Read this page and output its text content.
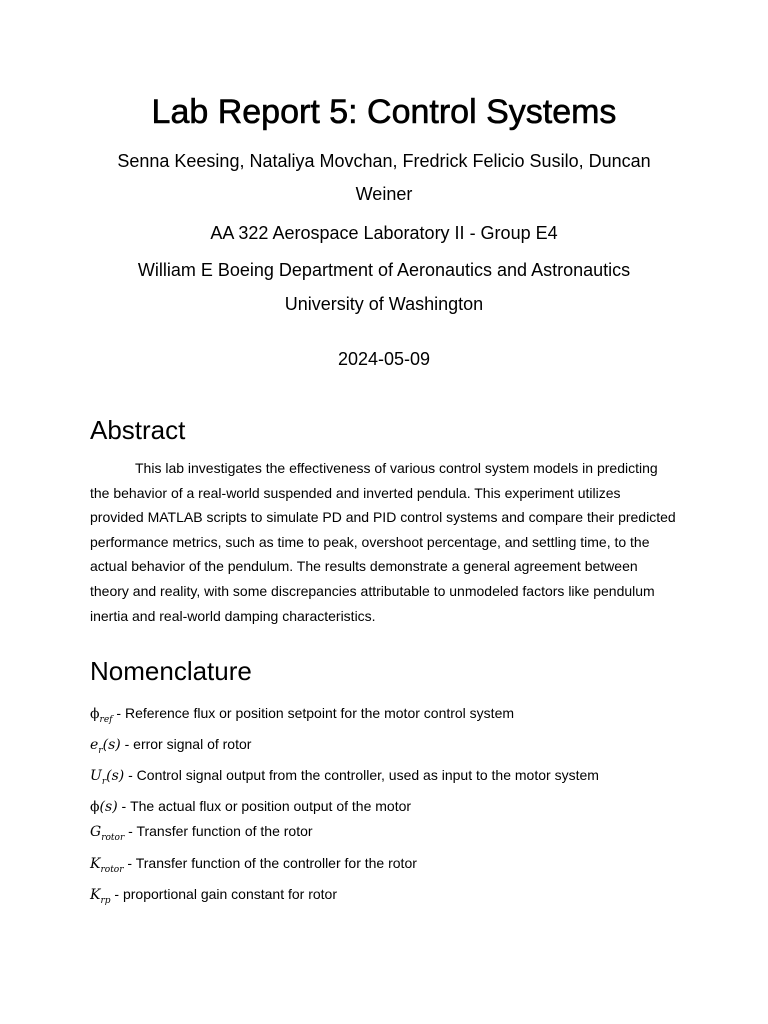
Lab Report 5: Control Systems

Senna Keesing, Nataliya Movchan, Fredrick Felicio Susilo, Duncan Weiner

AA 322 Aerospace Laboratory II - Group E4

William E Boeing Department of Aeronautics and Astronautics

University of Washington

2024-05-09

Abstract

This lab investigates the effectiveness of various control system models in predicting the behavior of a real-world suspended and inverted pendula. This experiment utilizes provided MATLAB scripts to simulate PD and PID control systems and compare their predicted performance metrics, such as time to peak, overshoot percentage, and settling time, to the actual behavior of the pendulum. The results demonstrate a general agreement between theory and reality, with some discrepancies attributable to unmodeled factors like pendulum inertia and real-world damping characteristics.

Nomenclature
$\phi_{ref}$ - Reference flux or position setpoint for the motor control system
$e_r(s)$ - error signal of rotor
$U_r(s)$ - Control signal output from the controller, used as input to the motor system
ϕ(s) - The actual flux or position output of the motor
$G_{rotor}$ - Transfer function of the rotor
$K_{rotor}$ - Transfer function of the controller for the rotor
$K_{rp}$ - proportional gain constant for rotor
